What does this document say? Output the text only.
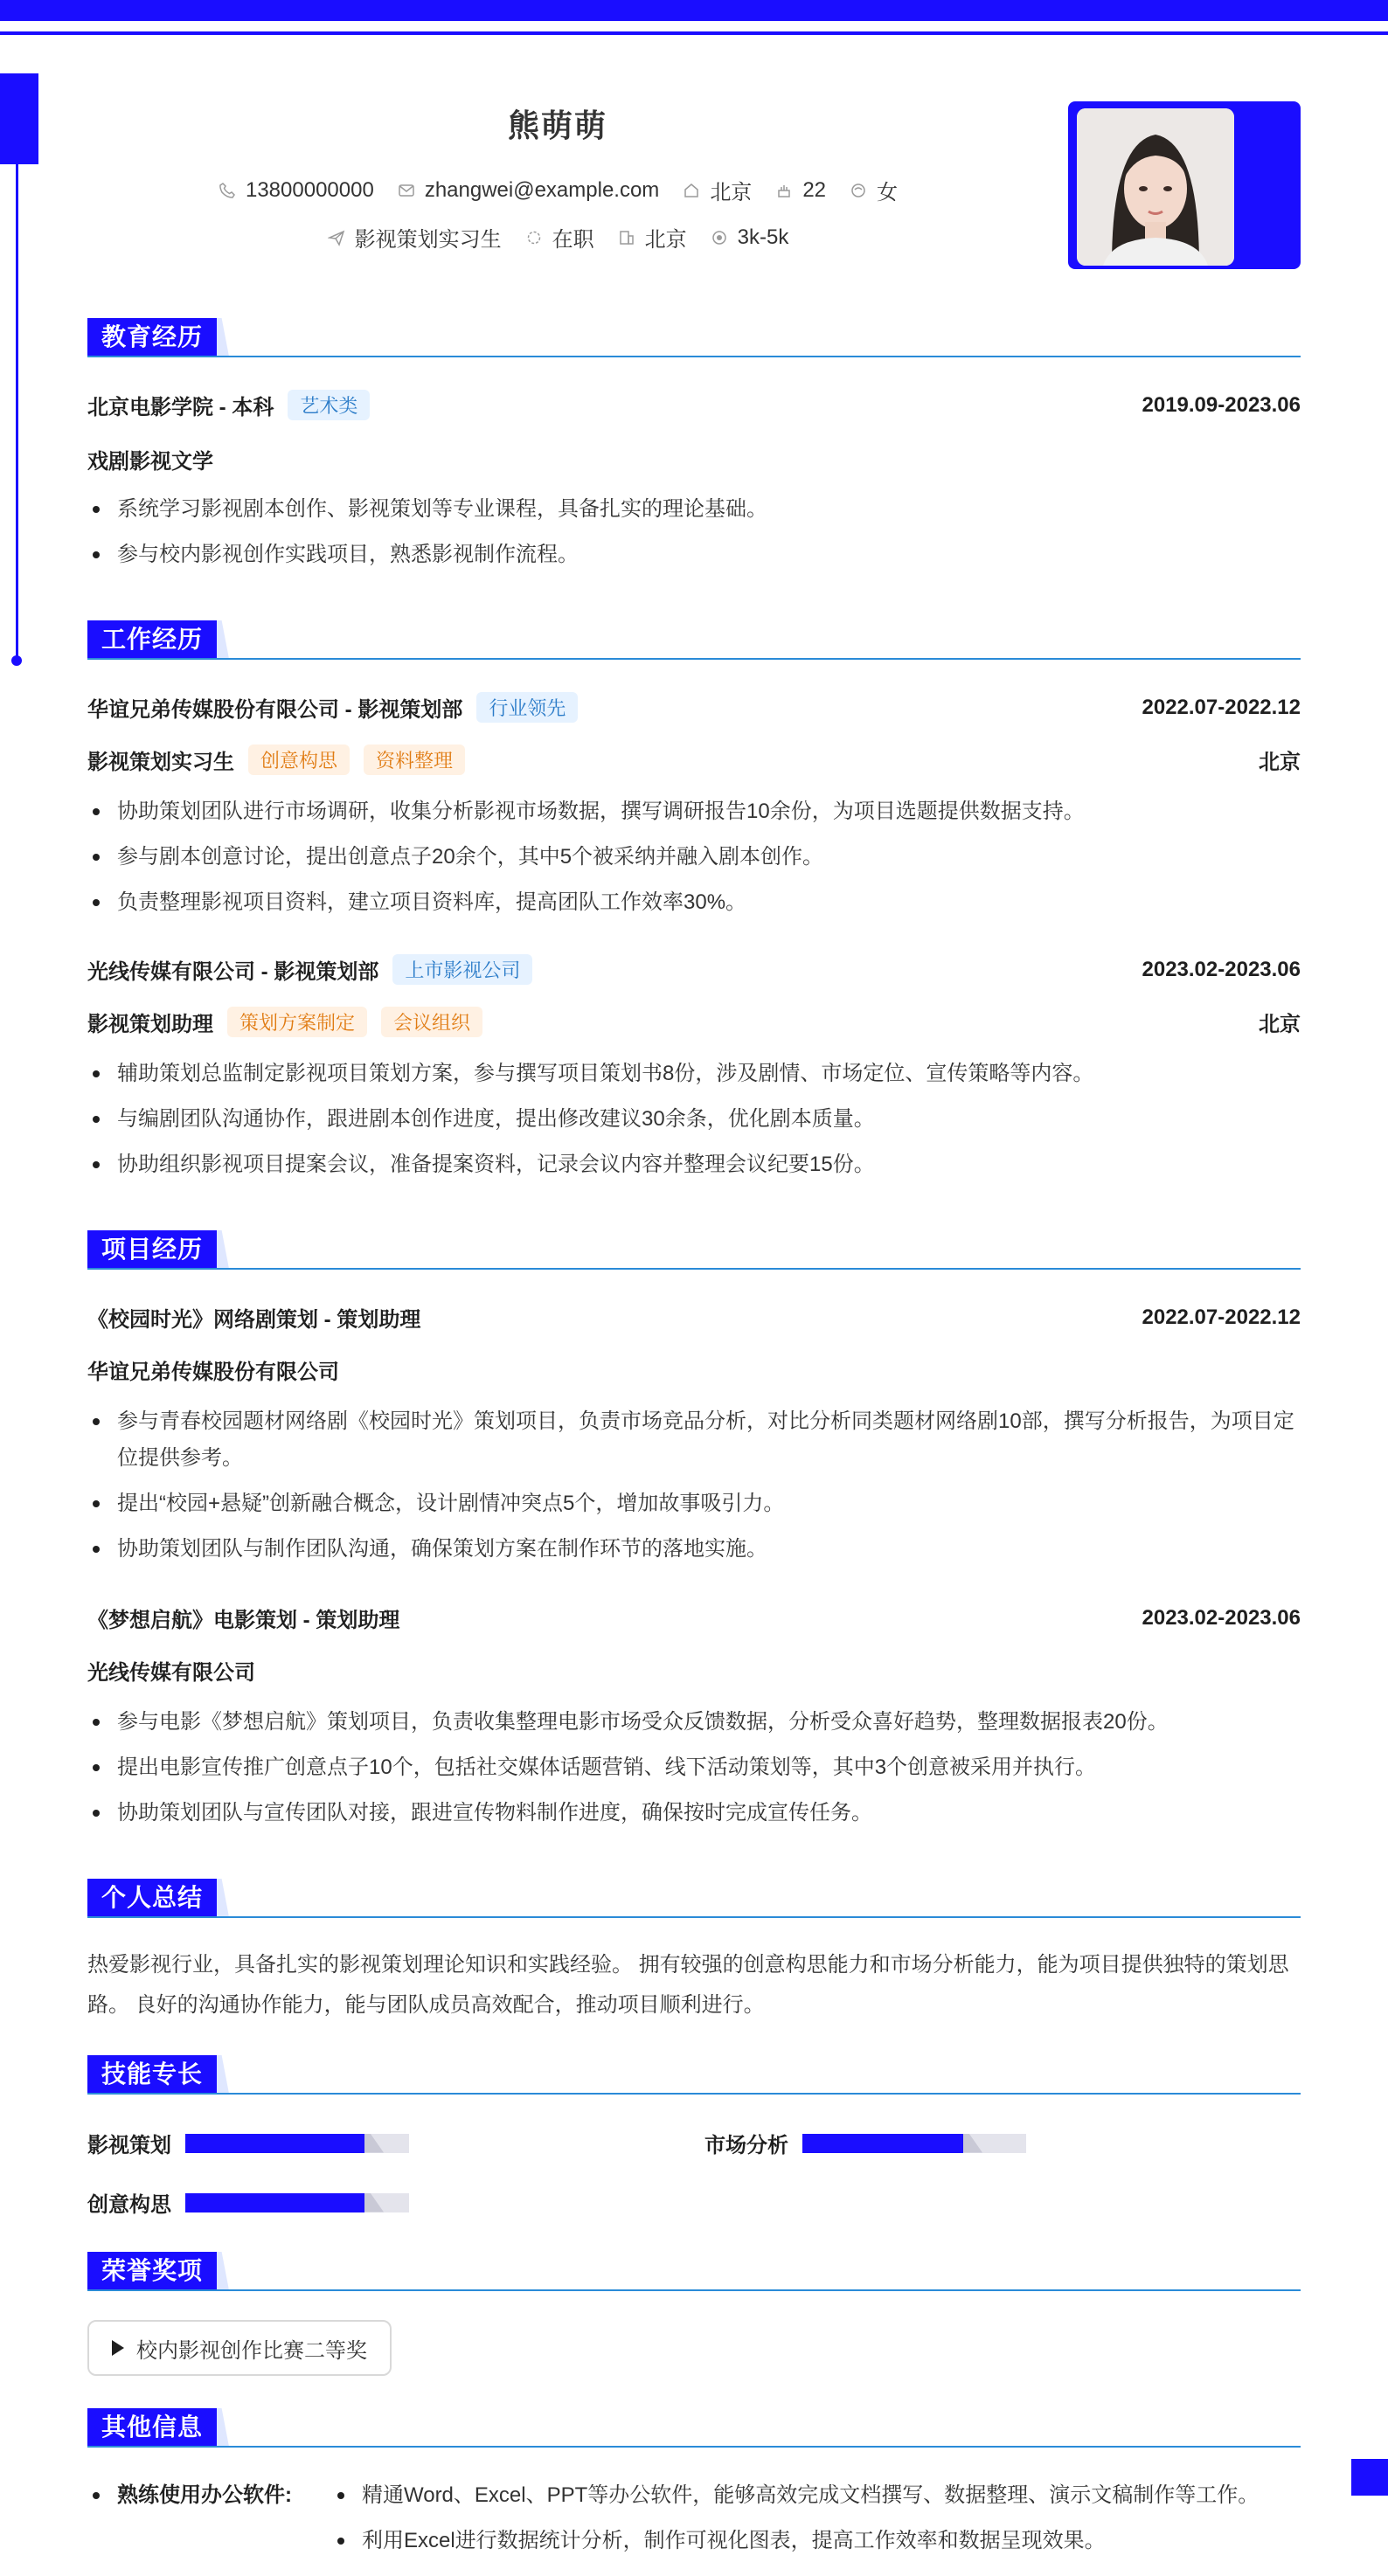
熊萌萌
13800000000 zhangwei@example.com 北京 22 女
影视策划实习生 在职 北京 3k-5k
教育经历
北京电影学院 - 本科	艺术类	2019.09-2023.06
戏剧影视文学
系统学习影视剧本创作、影视策划等专业课程，具备扎实的理论基础。
参与校内影视创作实践项目，熟悉影视制作流程。
工作经历
华谊兄弟传媒股份有限公司 - 影视策划部	行业领先	2022.07-2022.12
影视策划实习生	创意构思	资料整理	北京
协助策划团队进行市场调研，收集分析影视市场数据，撰写调研报告10余份，为项目选题提供数据支持。
参与剧本创意讨论，提出创意点子20余个，其中5个被采纳并融入剧本创作。
负责整理影视项目资料，建立项目资料库，提高团队工作效率30%。
光线传媒有限公司 - 影视策划部	上市影视公司	2023.02-2023.06
影视策划助理	策划方案制定	会议组织	北京
辅助策划总监制定影视项目策划方案，参与撰写项目策划书8份，涉及剧情、市场定位、宣传策略等内容。
与编剧团队沟通协作，跟进剧本创作进度，提出修改建议30余条，优化剧本质量。
协助组织影视项目提案会议，准备提案资料，记录会议内容并整理会议纪要15份。
项目经历
《校园时光》网络剧策划 - 策划助理	2022.07-2022.12
华谊兄弟传媒股份有限公司
参与青春校园题材网络剧《校园时光》策划项目，负责市场竞品分析，对比分析同类题材网络剧10部，撰写分析报告，为项目定位提供参考。
提出“校园+悬疑”创新融合概念，设计剧情冲突点5个，增加故事吸引力。
协助策划团队与制作团队沟通，确保策划方案在制作环节的落地实施。
《梦想启航》电影策划 - 策划助理	2023.02-2023.06
光线传媒有限公司
参与电影《梦想启航》策划项目，负责收集整理电影市场受众反馈数据，分析受众喜好趋势，整理数据报表20份。
提出电影宣传推广创意点子10个，包括社交媒体话题营销、线下活动策划等，其中3个创意被采用并执行。
协助策划团队与宣传团队对接，跟进宣传物料制作进度，确保按时完成宣传任务。
个人总结
热爱影视行业，具备扎实的影视策划理论知识和实践经验。 拥有较强的创意构思能力和市场分析能力，能为项目提供独特的策划思路。 良好的沟通协作能力，能与团队成员高效配合，推动项目顺利进行。
技能专长
影视策划	市场分析
创意构思
荣誉奖项
校内影视创作比赛二等奖
其他信息
熟练使用办公软件:	精通Word、Excel、PPT等办公软件，能够高效完成文档撰写、数据整理、演示文稿制作等工作。
利用Excel进行数据统计分析，制作可视化图表，提高工作效率和数据呈现效果。
